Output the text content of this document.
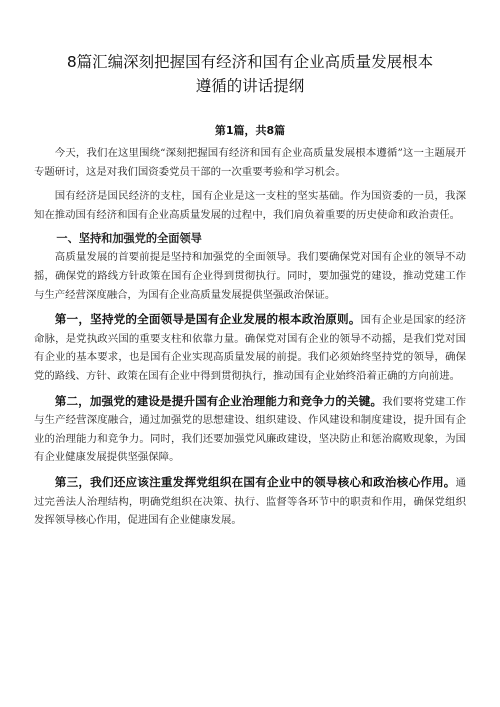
8篇汇编深刻把握国有经济和国有企业高质量发展根本
遵循的讲话提纲
第1篇，共8篇

今天，我们在这里围绕“深刻把握国有经济和国有企业高质量发展根本遵循”这一主题展开专题研讨，这是对我们国资委党员干部的一次重要考验和学习机会。

国有经济是国民经济的支柱，国有企业是这一支柱的坚实基础。作为国资委的一员，我深知在推动国有经济和国有企业高质量发展的过程中，我们肩负着重要的历史使命和政治责任。

一、坚持和加强党的全面领导

高质量发展的首要前提是坚持和加强党的全面领导。我们要确保党对国有企业的领导不动摇，确保党的路线方针政策在国有企业得到贯彻执行。同时，要加强党的建设，推动党建工作与生产经营深度融合，为国有企业高质量发展提供坚强政治保证。

第一，坚持党的全面领导是国有企业发展的根本政治原则。国有企业是国家的经济命脉，是党执政兴国的重要支柱和依靠力量。确保党对国有企业的领导不动摇，是我们党对国有企业的基本要求，也是国有企业实现高质量发展的前提。我们必须始终坚持党的领导，确保党的路线、方针、政策在国有企业中得到贯彻执行，推动国有企业始终沿着正确的方向前进。

第二，加强党的建设是提升国有企业治理能力和竞争力的关键。我们要将党建工作与生产经营深度融合，通过加强党的思想建设、组织建设、作风建设和制度建设，提升国有企业的治理能力和竞争力。同时，我们还要加强党风廉政建设，坚决防止和惩治腐败现象，为国有企业健康发展提供坚强保障。

第三，我们还应该注重发挥党组织在国有企业中的领导核心和政治核心作用。通过完善法人治理结构，明确党组织在决策、执行、监督等各环节中的职责和作用，确保党组织发挥领导核心作用，促进国有企业健康发展。
